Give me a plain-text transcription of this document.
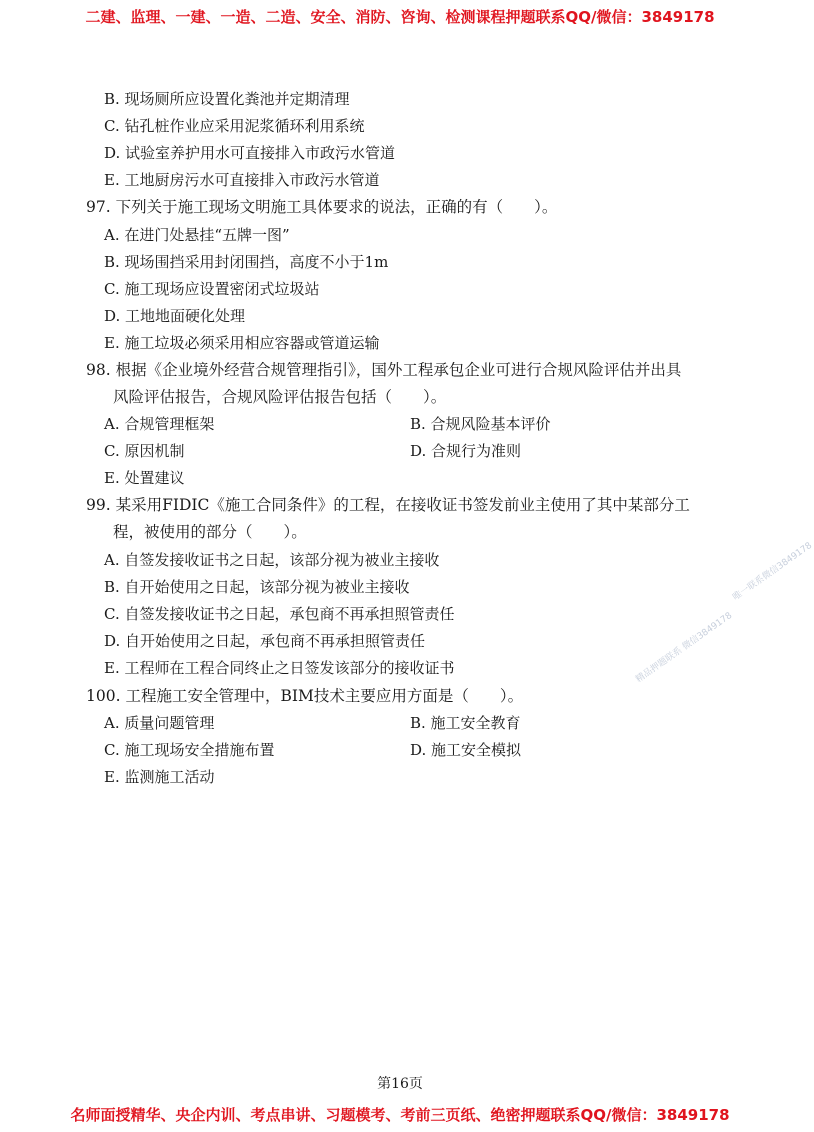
二建、监理、一建、一造、二造、安全、消防、咨询、检测课程押题联系QQ/微信：3849178
B. 现场厕所应设置化粪池并定期清理
C. 钻孔桩作业应采用泥浆循环利用系统
D. 试验室养护用水可直接排入市政污水管道
E. 工地厨房污水可直接排入市政污水管道
97. 下列关于施工现场文明施工具体要求的说法，正确的有（　　）。
A. 在进门处悬挂“五牌一图”
B. 现场围挡采用封闭围挡，高度不小于1m
C. 施工现场应设置密闭式垃圾站
D. 工地地面硬化处理
E. 施工垃圾必须采用相应容器或管道运输
98. 根据《企业境外经营合规管理指引》，国外工程承包企业可进行合规风险评估并出具
风险评估报告，合规风险评估报告包括（　　）。
A. 合规管理框架	B. 合规风险基本评价
C. 原因机制	D. 合规行为准则
E. 处置建议
99. 某采用FIDIC《施工合同条件》的工程，在接收证书签发前业主使用了其中某部分工
程，被使用的部分（　　）。
A. 自签发接收证书之日起，该部分视为被业主接收
B. 自开始使用之日起，该部分视为被业主接收
C. 自签发接收证书之日起，承包商不再承担照管责任
D. 自开始使用之日起，承包商不再承担照管责任
E. 工程师在工程合同终止之日签发该部分的接收证书
100. 工程施工安全管理中，BIM技术主要应用方面是（　　）。
A. 质量问题管理	B. 施工安全教育
C. 施工现场安全措施布置	D. 施工安全模拟
E. 监测施工活动
精品押题联系 微信3849178
唯一联系微信3849178
第16页
名师面授精华、央企内训、考点串讲、习题模考、考前三页纸、绝密押题联系QQ/微信：3849178
